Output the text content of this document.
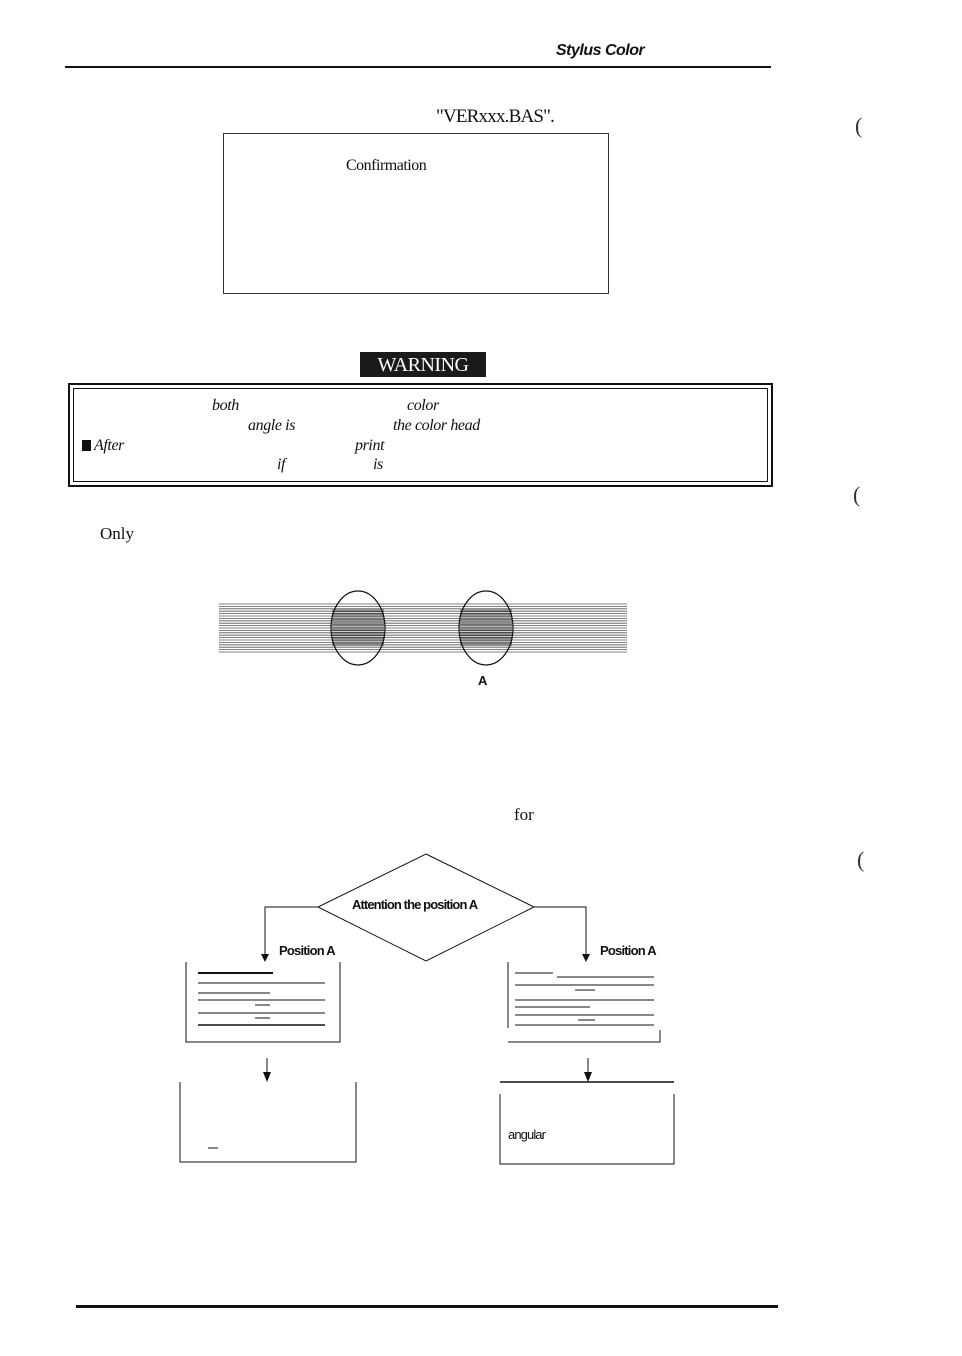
Stylus Color
"VERxxx.BAS".
Confirmation
WARNING
both	color
angle is	the color head
After	print
if	is
Only
A
for
Attention the position A
Position A	Position A
angular
(
(
(
